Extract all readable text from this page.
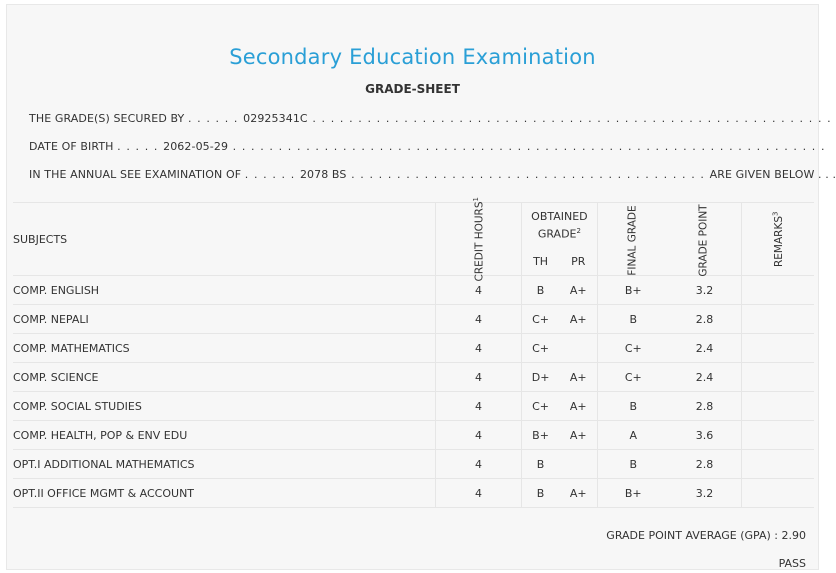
Secondary Education Examination
GRADE-SHEET
THE GRADE(S) SECURED BY . . . . . . 02925341C . . . . . . . . . . . . . . . . . . . . . . . . . . . . . . . . . . . . . . . . . . . . . . . . . . . . . . . . .
DATE OF BIRTH . . . . . 2062-05-29 . . . . . . . . . . . . . . . . . . . . . . . . . . . . . . . . . . . . . . . . . . . . . . . . . . . . . . . . . . . . . . . . .
IN THE ANNUAL SEE EXAMINATION OF . . . . . . 2078 BS . . . . . . . . . . . . . . . . . . . . . . . . . . . . . . . . . . . . . . . ARE GIVEN BELOW . . .
SUBJECTS	CREDIT HOURS$^1$	OBTAINED GRADE$^2$		FINAL GRADE	GRADE POINT	REMARKS$^3$
		TH	PR			
COMP. ENGLISH	4	B	A+	B+	3.2	
COMP. NEPALI	4	C+	A+	B	2.8	
COMP. MATHEMATICS	4	C+		C+	2.4	
COMP. SCIENCE	4	D+	A+	C+	2.4	
COMP. SOCIAL STUDIES	4	C+	A+	B	2.8	
COMP. HEALTH, POP & ENV EDU	4	B+	A+	A	3.6	
OPT.I ADDITIONAL MATHEMATICS	4	B		B	2.8	
OPT.II OFFICE MGMT & ACCOUNT	4	B	A+	B+	3.2	
GRADE POINT AVERAGE (GPA) : 2.90
PASS
